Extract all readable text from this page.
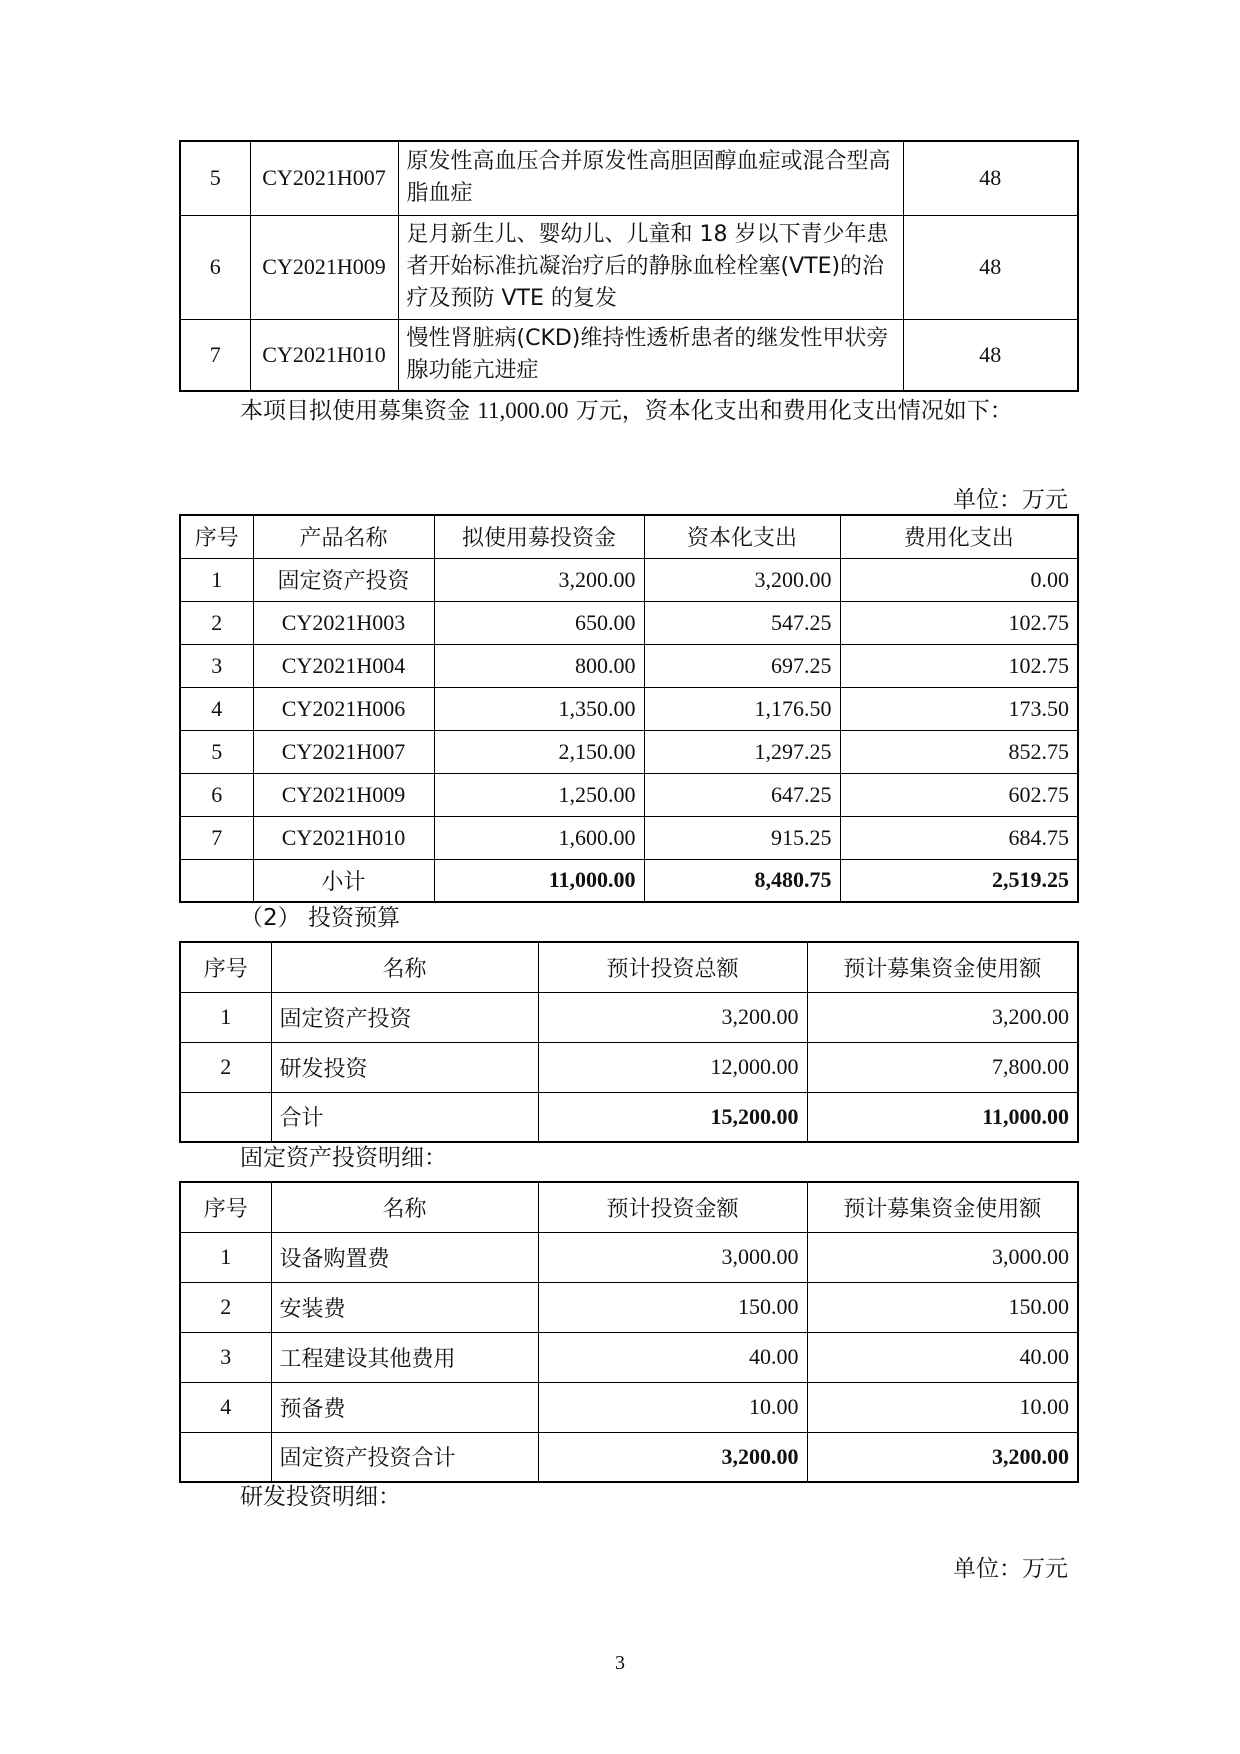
5	CY2021H007	原发性高血压合并原发性高胆固醇血症或混合型高脂血症	48
6	CY2021H009	足月新生儿、婴幼儿、儿童和 18 岁以下青少年患者开始标准抗凝治疗后的静脉血栓栓塞(VTE)的治疗及预防 VTE 的复发	48
7	CY2021H010	慢性肾脏病(CKD)维持性透析患者的继发性甲状旁腺功能亢进症	48
本项目拟使用募集资金 11,000.00 万元，资本化支出和费用化支出情况如下：
单位：万元
序号	产品名称	拟使用募投资金	资本化支出	费用化支出
1	固定资产投资	3,200.00	3,200.00	0.00
2	CY2021H003	650.00	547.25	102.75
3	CY2021H004	800.00	697.25	102.75
4	CY2021H006	1,350.00	1,176.50	173.50
5	CY2021H007	2,150.00	1,297.25	852.75
6	CY2021H009	1,250.00	647.25	602.75
7	CY2021H010	1,600.00	915.25	684.75
	小计	11,000.00	8,480.75	2,519.25
（2） 投资预算
序号	名称	预计投资总额	预计募集资金使用额
1	固定资产投资	3,200.00	3,200.00
2	研发投资	12,000.00	7,800.00
	合计	15,200.00	11,000.00
固定资产投资明细：
序号	名称	预计投资金额	预计募集资金使用额
1	设备购置费	3,000.00	3,000.00
2	安装费	150.00	150.00
3	工程建设其他费用	40.00	40.00
4	预备费	10.00	10.00
	固定资产投资合计	3,200.00	3,200.00
研发投资明细：
单位：万元
3
